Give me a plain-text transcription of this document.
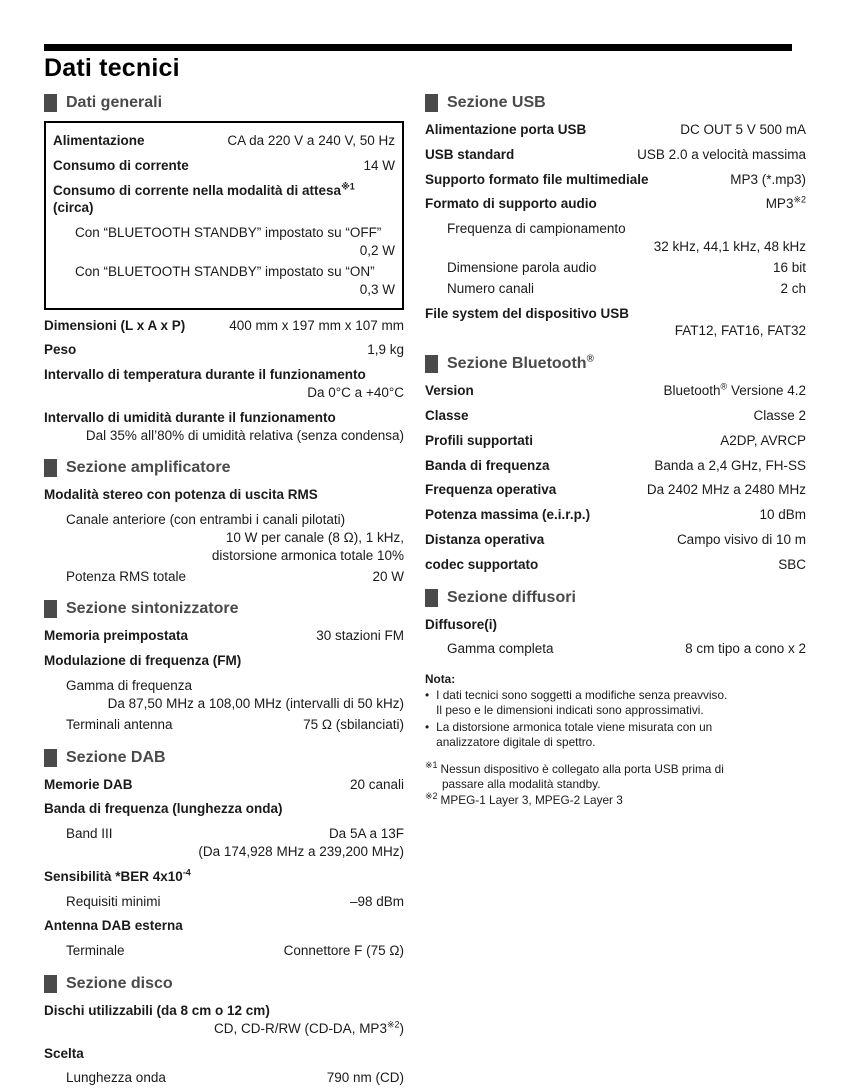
Dati tecnici
Dati generali
Alimentazione	CA da 220 V a 240 V, 50 Hz
Consumo di corrente	14 W
Consumo di corrente nella modalità di attesa$^{※1}$
(circa)
Con “BLUETOOTH STANDBY” impostato su “OFF”
0,2 W
Con “BLUETOOTH STANDBY” impostato su “ON”
0,3 W
Dimensioni (L x A x P)	400 mm x 197 mm x 107 mm
Peso	1,9 kg
Intervallo di temperatura durante il funzionamento
Da 0°C a +40°C
Intervallo di umidità durante il funzionamento
Dal 35% all’80% di umidità relativa (senza condensa)
Sezione amplificatore
Modalità stereo con potenza di uscita RMS
Canale anteriore (con entrambi i canali pilotati)
10 W per canale (8 Ω), 1 kHz,
distorsione armonica totale 10%
Potenza RMS totale	20 W
Sezione sintonizzatore
Memoria preimpostata	30 stazioni FM
Modulazione di frequenza (FM)
Gamma di frequenza
Da 87,50 MHz a 108,00 MHz (intervalli di 50 kHz)
Terminali antenna	75 Ω (sbilanciati)
Sezione DAB
Memorie DAB	20 canali
Banda di frequenza (lunghezza onda)
Band III	Da 5A a 13F
(Da 174,928 MHz a 239,200 MHz)
Sensibilità *BER $4x10^{-4}$
Requisiti minimi	–98 dBm
Antenna DAB esterna
Terminale	Connettore F (75 Ω)
Sezione disco
Dischi utilizzabili (da 8 cm o 12 cm)
CD, CD-R/RW (CD-DA, MP3$^{※2}$)
Scelta
Lunghezza onda	790 nm (CD)
Sezione USB
Alimentazione porta USB	DC OUT 5 V 500 mA
USB standard	USB 2.0 a velocità massima
Supporto formato file multimediale	MP3 (*.mp3)
Formato di supporto audio	MP3$^{※2}$
Frequenza di campionamento
32 kHz, 44,1 kHz, 48 kHz
Dimensione parola audio	16 bit
Numero canali	2 ch
File system del dispositivo USB
FAT12, FAT16, FAT32
Sezione Bluetooth®
Version	Bluetooth® Versione 4.2
Classe	Classe 2
Profili supportati	A2DP, AVRCP
Banda di frequenza	Banda a 2,4 GHz, FH-SS
Frequenza operativa	Da 2402 MHz a 2480 MHz
Potenza massima (e.i.r.p.)	10 dBm
Distanza operativa	Campo visivo di 10 m
codec supportato	SBC
Sezione diffusori
Diffusore(i)
Gamma completa	8 cm tipo a cono x 2
Nota:
• I dati tecnici sono soggetti a modifiche senza preavviso.
Il peso e le dimensioni indicati sono approssimativi.
• La distorsione armonica totale viene misurata con un
analizzatore digitale di spettro.
$^{※1}$ Nessun dispositivo è collegato alla porta USB prima di
passare alla modalità standby.
$^{※2}$ MPEG-1 Layer 3, MPEG-2 Layer 3
